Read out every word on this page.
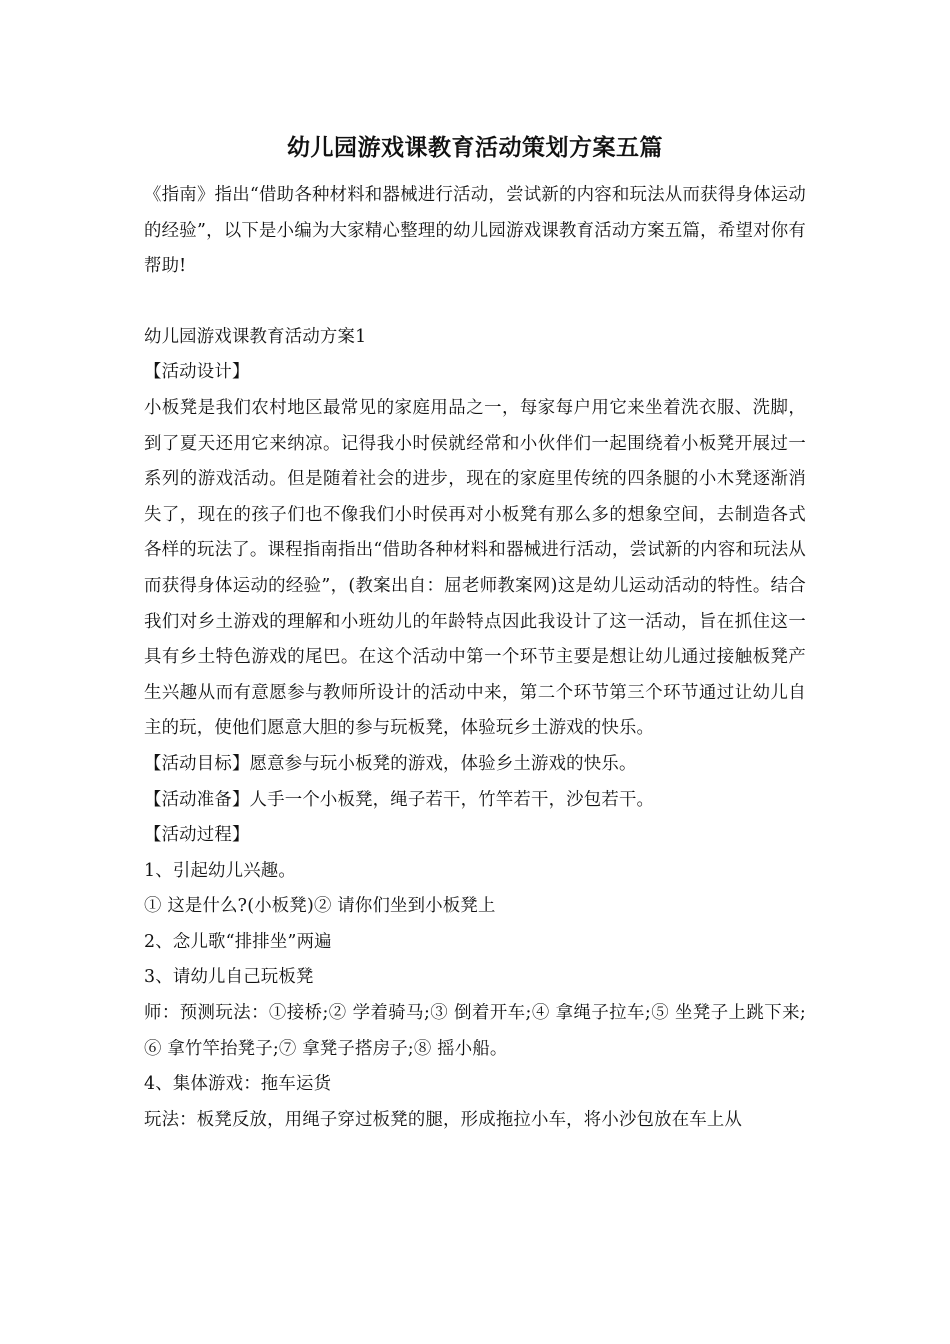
幼儿园游戏课教育活动策划方案五篇

《指南》指出“借助各种材料和器械进行活动，尝试新的内容和玩法从而获得身体运动的经验”，以下是小编为大家精心整理的幼儿园游戏课教育活动方案五篇，希望对你有帮助!

幼儿园游戏课教育活动方案1

【活动设计】

小板凳是我们农村地区最常见的家庭用品之一，每家每户用它来坐着洗衣服、洗脚，到了夏天还用它来纳凉。记得我小时侯就经常和小伙伴们一起围绕着小板凳开展过一系列的游戏活动。但是随着社会的进步，现在的家庭里传统的四条腿的小木凳逐渐消失了，现在的孩子们也不像我们小时侯再对小板凳有那么多的想象空间，去制造各式各样的玩法了。课程指南指出“借助各种材料和器械进行活动，尝试新的内容和玩法从而获得身体运动的经验”，(教案出自：屈老师教案网)这是幼儿运动活动的特性。结合我们对乡土游戏的理解和小班幼儿的年龄特点因此我设计了这一活动，旨在抓住这一具有乡土特色游戏的尾巴。在这个活动中第一个环节主要是想让幼儿通过接触板凳产生兴趣从而有意愿参与教师所设计的活动中来，第二个环节第三个环节通过让幼儿自主的玩，使他们愿意大胆的参与玩板凳，体验玩乡土游戏的快乐。

【活动目标】愿意参与玩小板凳的游戏，体验乡土游戏的快乐。

【活动准备】人手一个小板凳，绳子若干，竹竿若干，沙包若干。

【活动过程】

1、引起幼儿兴趣。

① 这是什么?(小板凳)② 请你们坐到小板凳上

2、念儿歌“排排坐”两遍

3、请幼儿自己玩板凳

师：预测玩法：①接桥;② 学着骑马;③ 倒着开车;④ 拿绳子拉车;⑤ 坐凳子上跳下来;⑥ 拿竹竿抬凳子;⑦ 拿凳子搭房子;⑧ 摇小船。

4、集体游戏：拖车运货

玩法：板凳反放，用绳子穿过板凳的腿，形成拖拉小车，将小沙包放在车上从
